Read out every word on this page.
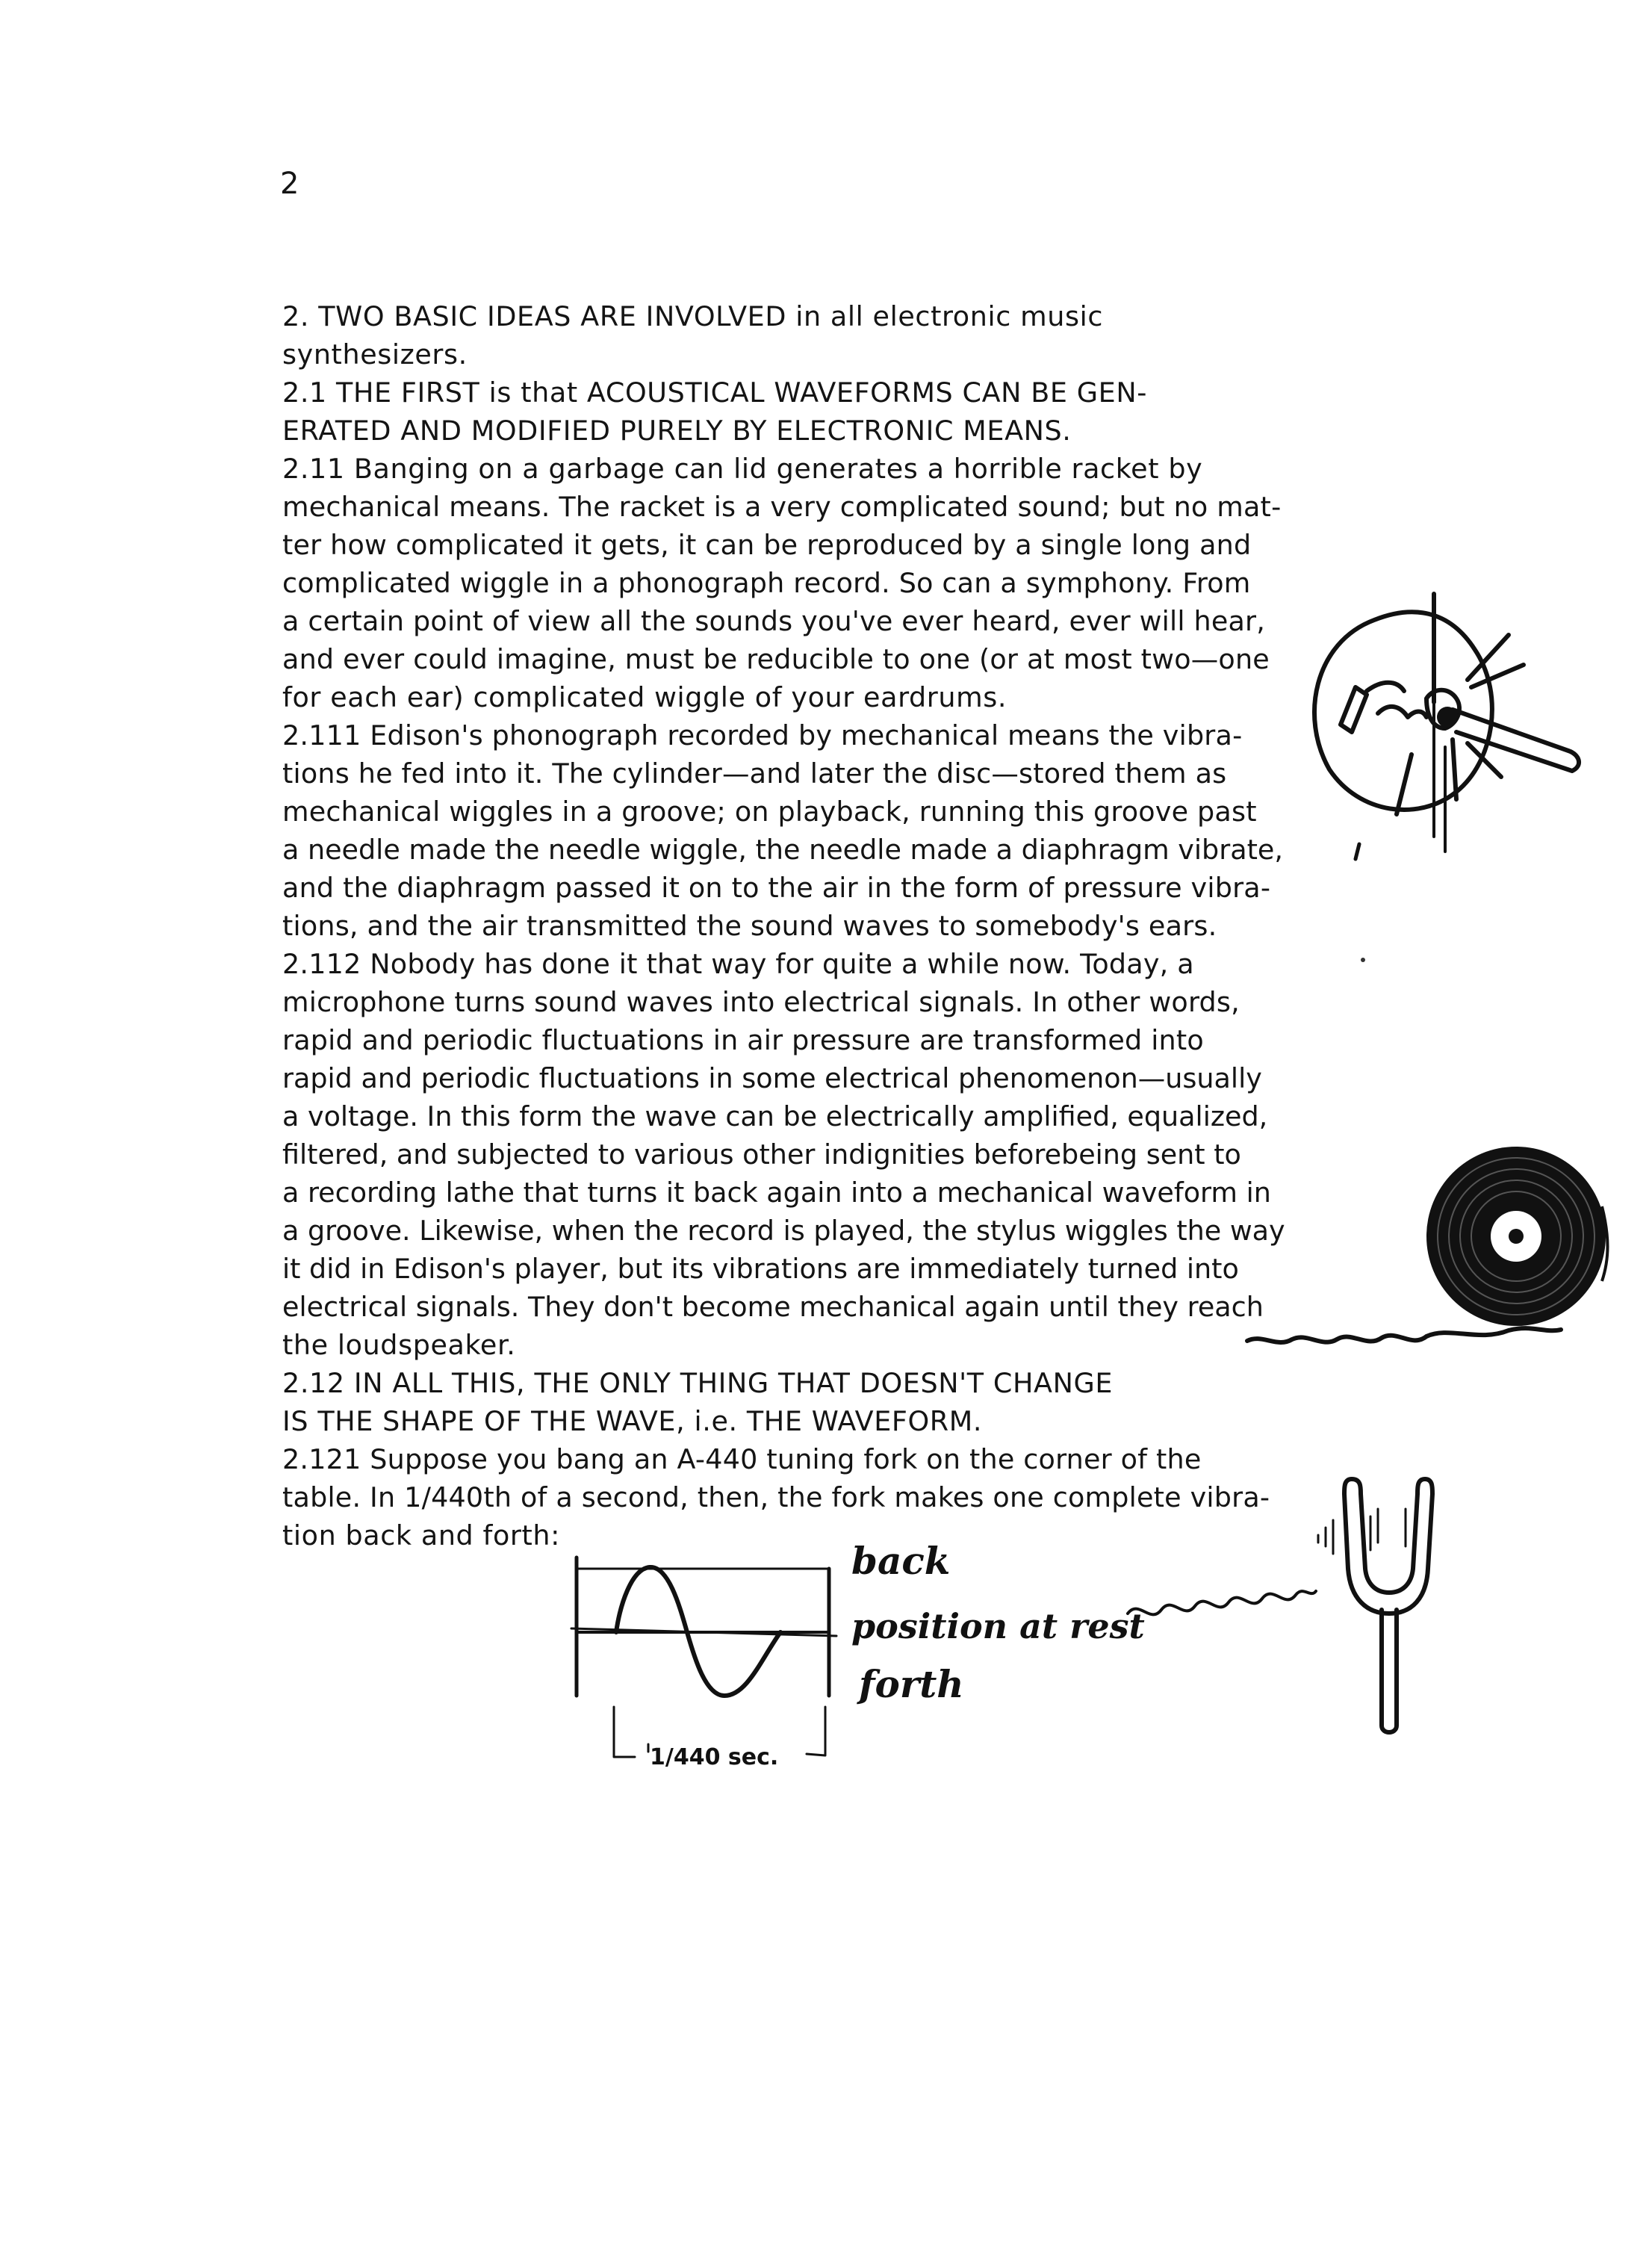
2
2. TWO BASIC IDEAS ARE INVOLVED in all electronic music
synthesizers.
2.1 THE FIRST is that ACOUSTICAL WAVEFORMS CAN BE GEN-
ERATED AND MODIFIED PURELY BY ELECTRONIC MEANS.
2.11 Banging on a garbage can lid generates a horrible racket by
mechanical means. The racket is a very complicated sound; but no mat-
ter how complicated it gets, it can be reproduced by a single long and
complicated wiggle in a phonograph record. So can a symphony. From
a certain point of view all the sounds you've ever heard, ever will hear,
and ever could imagine, must be reducible to one (or at most two—one
for each ear) complicated wiggle of your eardrums.
2.111 Edison's phonograph recorded by mechanical means the vibra-
tions he fed into it. The cylinder—and later the disc—stored them as
mechanical wiggles in a groove; on playback, running this groove past
a needle made the needle wiggle, the needle made a diaphragm vibrate,
and the diaphragm passed it on to the air in the form of pressure vibra-
tions, and the air transmitted the sound waves to somebody's ears.
2.112 Nobody has done it that way for quite a while now. Today, a
microphone turns sound waves into electrical signals. In other words,
rapid and periodic fluctuations in air pressure are transformed into
rapid and periodic fluctuations in some electrical phenomenon—usually
a voltage. In this form the wave can be electrically amplified, equalized,
filtered, and subjected to various other indignities beforebeing sent to
a recording lathe that turns it back again into a mechanical waveform in
a groove. Likewise, when the record is played, the stylus wiggles the way
it did in Edison's player, but its vibrations are immediately turned into
electrical signals. They don't become mechanical again until they reach
the loudspeaker.
2.12 IN ALL THIS, THE ONLY THING THAT DOESN'T CHANGE
IS THE SHAPE OF THE WAVE, i.e. THE WAVEFORM.
2.121 Suppose you bang an A-440 tuning fork on the corner of the
table. In 1/440th of a second, then, the fork makes one complete vibra-
tion back and forth:
back
position at rest
forth
1/440 sec.
